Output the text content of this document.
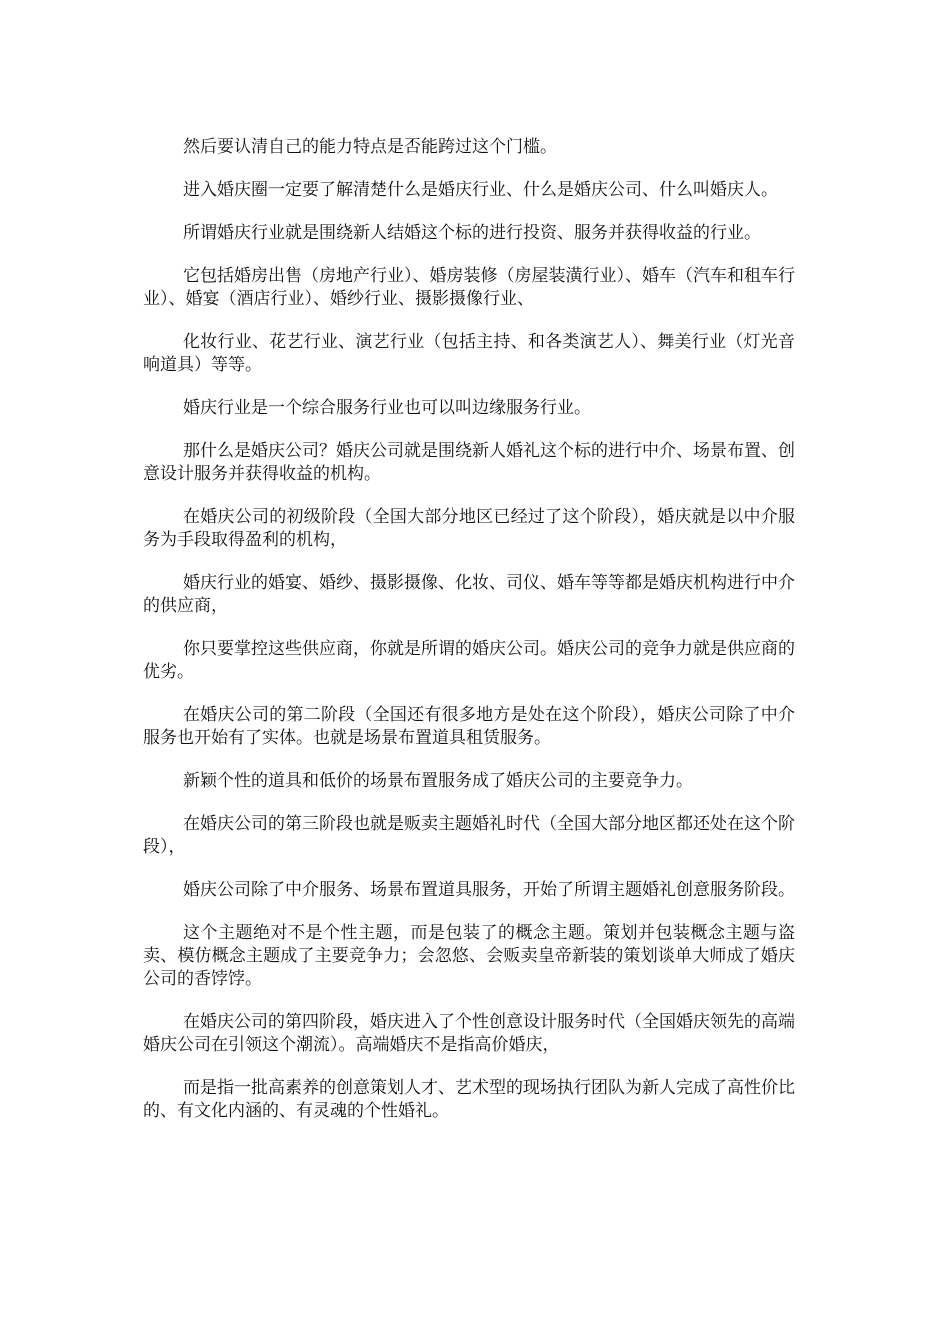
然后要认清自己的能力特点是否能跨过这个门槛。

进入婚庆圈一定要了解清楚什么是婚庆行业、什么是婚庆公司、什么叫婚庆人。

所谓婚庆行业就是围绕新人结婚这个标的进行投资、服务并获得收益的行业。

它包括婚房出售（房地产行业）、婚房装修（房屋装潢行业）、婚车（汽车和租车行业）、婚宴（酒店行业）、婚纱行业、摄影摄像行业、

化妆行业、花艺行业、演艺行业（包括主持、和各类演艺人）、舞美行业（灯光音响道具）等等。

婚庆行业是一个综合服务行业也可以叫边缘服务行业。

那什么是婚庆公司？婚庆公司就是围绕新人婚礼这个标的进行中介、场景布置、创意设计服务并获得收益的机构。

在婚庆公司的初级阶段（全国大部分地区已经过了这个阶段），婚庆就是以中介服务为手段取得盈利的机构，

婚庆行业的婚宴、婚纱、摄影摄像、化妆、司仪、婚车等等都是婚庆机构进行中介的供应商，

你只要掌控这些供应商，你就是所谓的婚庆公司。婚庆公司的竞争力就是供应商的优劣。

在婚庆公司的第二阶段（全国还有很多地方是处在这个阶段），婚庆公司除了中介服务也开始有了实体。也就是场景布置道具租赁服务。

新颖个性的道具和低价的场景布置服务成了婚庆公司的主要竞争力。

在婚庆公司的第三阶段也就是贩卖主题婚礼时代（全国大部分地区都还处在这个阶段），

婚庆公司除了中介服务、场景布置道具服务，开始了所谓主题婚礼创意服务阶段。

这个主题绝对不是个性主题，而是包装了的概念主题。策划并包装概念主题与盗卖、模仿概念主题成了主要竞争力；会忽悠、会贩卖皇帝新装的策划谈单大师成了婚庆公司的香饽饽。

在婚庆公司的第四阶段，婚庆进入了个性创意设计服务时代（全国婚庆领先的高端婚庆公司在引领这个潮流）。高端婚庆不是指高价婚庆，

而是指一批高素养的创意策划人才、艺术型的现场执行团队为新人完成了高性价比的、有文化内涵的、有灵魂的个性婚礼。
